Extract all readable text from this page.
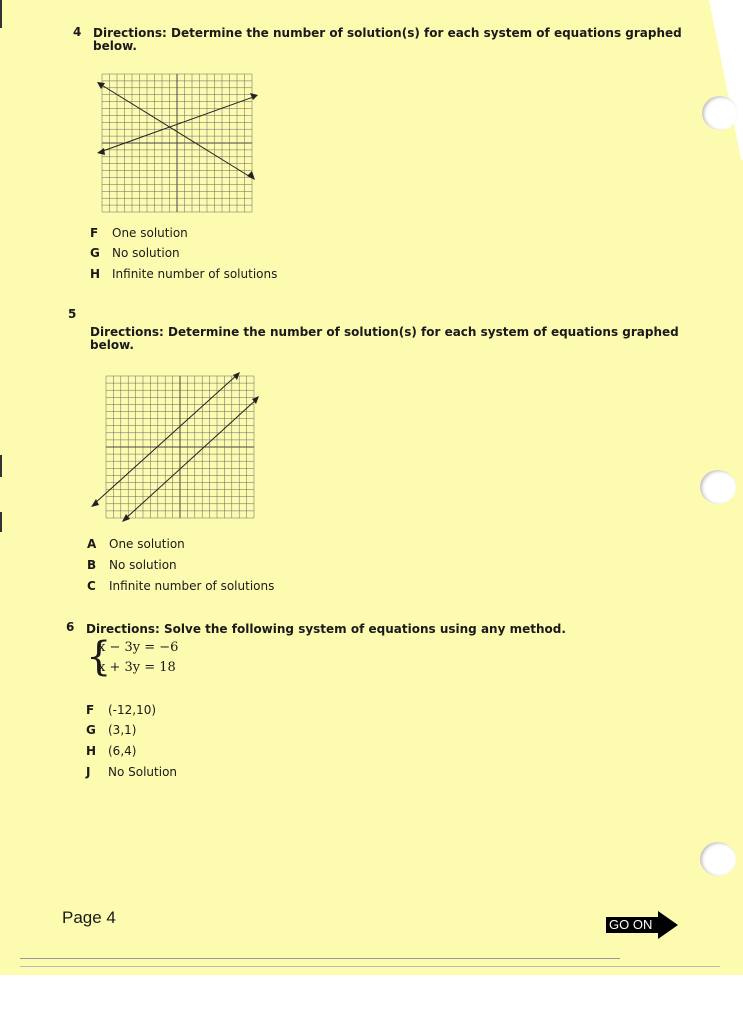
4 Directions: Determine the number of solution(s) for each system of equations graphed below.
F One solution
G No solution
H Infinite number of solutions
5
Directions: Determine the number of solution(s) for each system of equations graphed below.
A One solution
B No solution
C Infinite number of solutions
6 Directions: Solve the following system of equations using any method.
{
x − 3y = −6
x + 3y = 18
F (-12,10)
G (3,1)
H (6,4)
J No Solution
Page 4	GO ON
